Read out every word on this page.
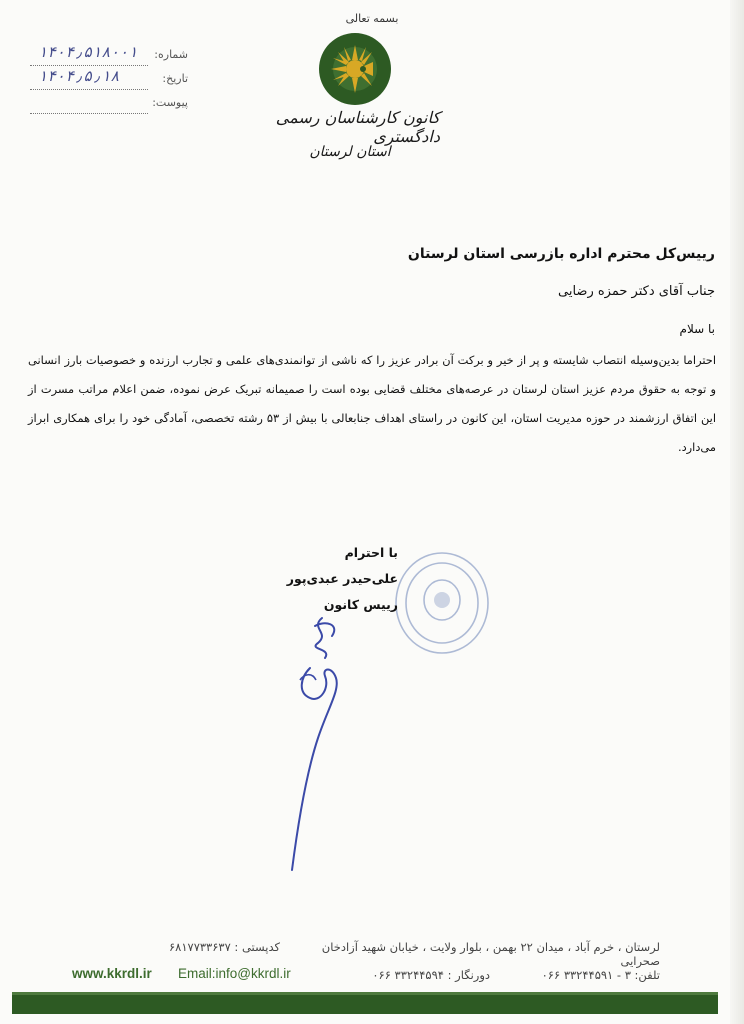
بسمه تعالی
کانون کارشناسان رسمی دادگستری
استان لرستان
شماره:
۱۴۰۴٫۵۱۸۰۰۱
تاریخ:
۱۴۰۴٫۵٫۱۸
پیوست:
رییس‌کل محترم اداره بازرسی استان لرستان
جناب آقای دکتر حمزه رضایی
با سلام
احتراما بدین‌وسیله انتصاب شایسته و پر از خیر و برکت آن برادر عزیز را که ناشی از توانمندی‌های علمی و تجارب ارزنده و خصوصیات بارز انسانی و توجه به حقوق مردم عزیز استان لرستان در عرصه‌های مختلف قضایی بوده است را صمیمانه تبریک عرض نموده، ضمن اعلام مراتب مسرت از این اتفاق ارزشمند در حوزه مدیریت استان، این کانون در راستای اهداف جنابعالی با بیش از ۵۳ رشته تخصصی، آمادگی خود را برای همکاری ابراز می‌دارد.
با احترام
علی‌حیدر عبدی‌پور
رییس کانون
لرستان ، خرم آباد ، میدان ۲۲ بهمن ، بلوار ولایت ، خیابان شهید آزادخان صحرایی
کدپستی : ۶۸۱۷۷۳۳۶۳۷
تلفن: ۳ - ۳۳۲۴۴۵۹۱ ۰۶۶
دورنگار : ۳۳۲۴۴۵۹۴ ۰۶۶
www.kkrdl.ir Email:info@kkrdl.ir
